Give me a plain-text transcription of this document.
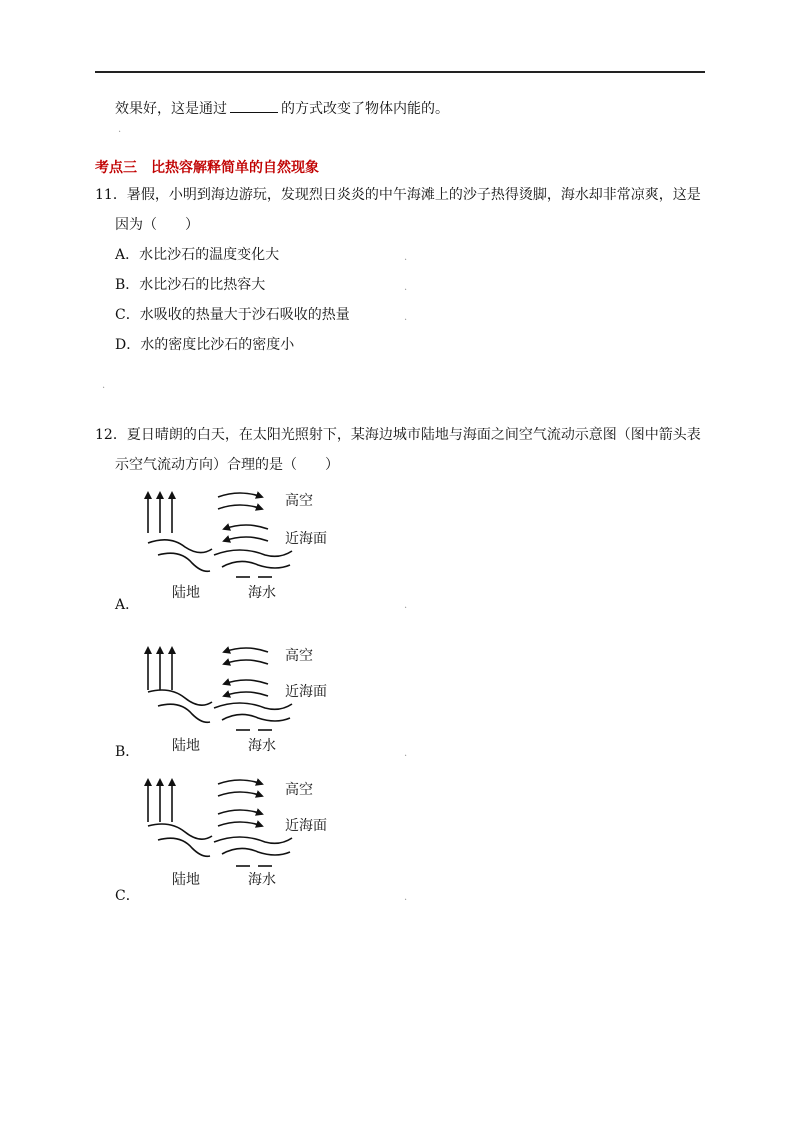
效果好，这是通过	的方式改变了物体内能的。
.
考点三 比热容解释简单的自然现象
11．暑假，小明到海边游玩，发现烈日炎炎的中午海滩上的沙子热得烫脚，海水却非常凉爽，这是
因为（　　）
A．水比沙石的温度变化大
B．水比沙石的比热容大
C．水吸收的热量大于沙石吸收的热量
D．水的密度比沙石的密度小
.
.
.
.
12．夏日晴朗的白天，在太阳光照射下，某海边城市陆地与海面之间空气流动示意图（图中箭头表
示空气流动方向）合理的是（　　）
高空
近海面
陆地	海水
A．	.
高空
近海面
陆地	海水
B．	.
高空
近海面
陆地	海水
C．	.
